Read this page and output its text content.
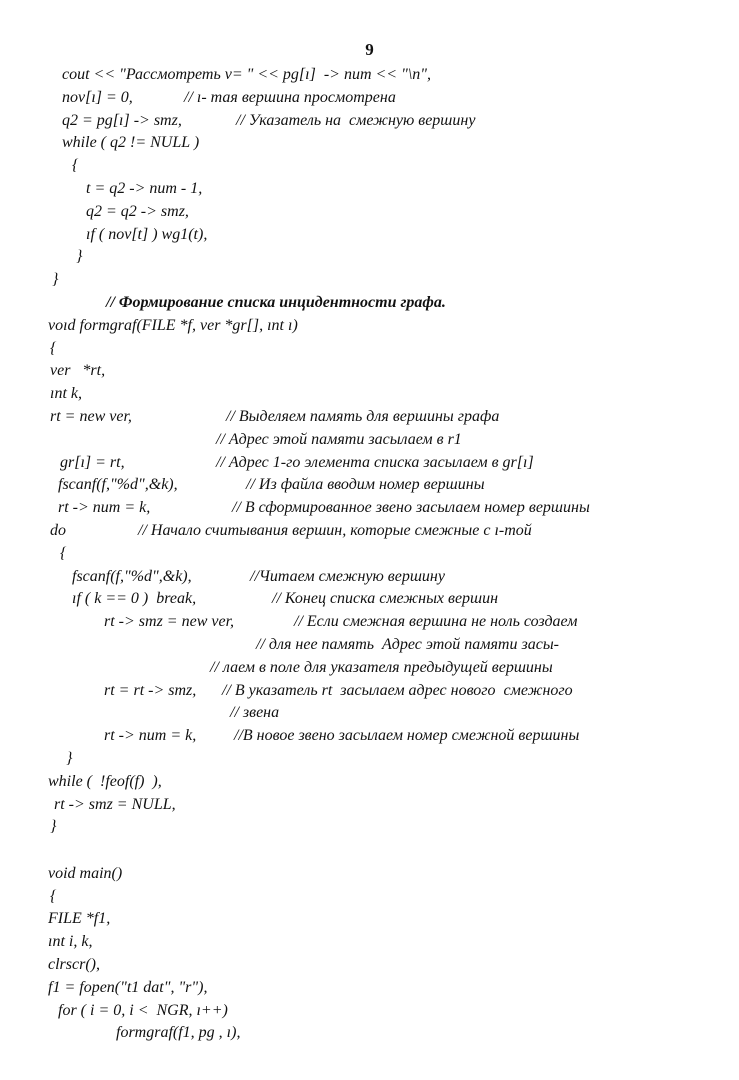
9
cout << "Рассмотреть v= " << pg[ı]  -> num << "\n",
nov[ı] = 0,	// ı- тая вершина просмотрена
q2 = pg[ı] -> smz,	// Указатель на  смежную вершину
while ( q2 != NULL )
{
t = q2 -> num - 1,
q2 = q2 -> smz,
ıf ( nov[t] ) wg1(t),
}
}
// Формирование списка инцидентности графа.
voıd formgraf(FILE *f, ver *gr[], ınt ı)
{
ver   *rt,
ınt k,
rt = new ver,	// Выделяем память для вершины графа
// Адрес этой памяти засылаем в r1
gr[ı] = rt,	// Адрес 1-го элемента списка засылаем в gr[ı]
fscanf(f,"%d",&k),	// Из файла вводим номер вершины
rt -> num = k,	// В сформированное звено засылаем номер вершины
do	// Начало считывания вершин, которые смежные с ı-той
{
fscanf(f,"%d",&k),	//Читаем смежную вершину
ıf ( k == 0 )  break,	// Конец списка смежных вершин
rt -> smz = new ver,	// Если смежная вершина не ноль создаем
// для нее память  Адрес этой памяти засы-
// лаем в поле для указателя предыдущей вершины
rt = rt -> smz, // В указатель rt  засылаем адрес нового  смежного
// звена
rt -> num = k, //В новое звено засылаем номер смежной вершины
}
while (  !feof(f)  ),
rt -> smz = NULL,
}
void main()
{
FILE *f1,
ınt i, k,
clrscr(),
f1 = fopen("t1 dat", "r"),
for ( i = 0, i <  NGR, ı++)
formgraf(f1, pg , ı),
